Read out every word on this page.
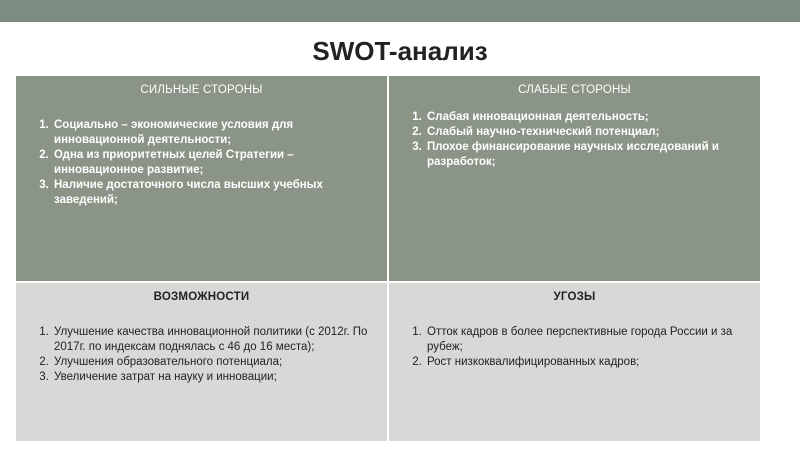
SWOT-анализ
СИЛЬНЫЕ СТОРОНЫ
1. Социально – экономические условия для инновационной деятельности;
2. Одна из приоритетных целей Стратегии – инновационное развитие;
3. Наличие достаточного числа высших учебных заведений;
СЛАБЫЕ СТОРОНЫ
1. Слабая инновационная деятельность;
2. Слабый научно-технический потенциал;
3. Плохое финансирование научных исследований и разработок;
ВОЗМОЖНОСТИ
1. Улучшение качества инновационной политики (с 2012г. По 2017г. по индексам поднялась с 46 до 16 места);
2. Улучшения образовательного потенциала;
3. Увеличение затрат на науку и инновации;
УГОЗЫ
1. Отток кадров в более перспективные города России и за рубеж;
2. Рост низкоквалифицированных кадров;
